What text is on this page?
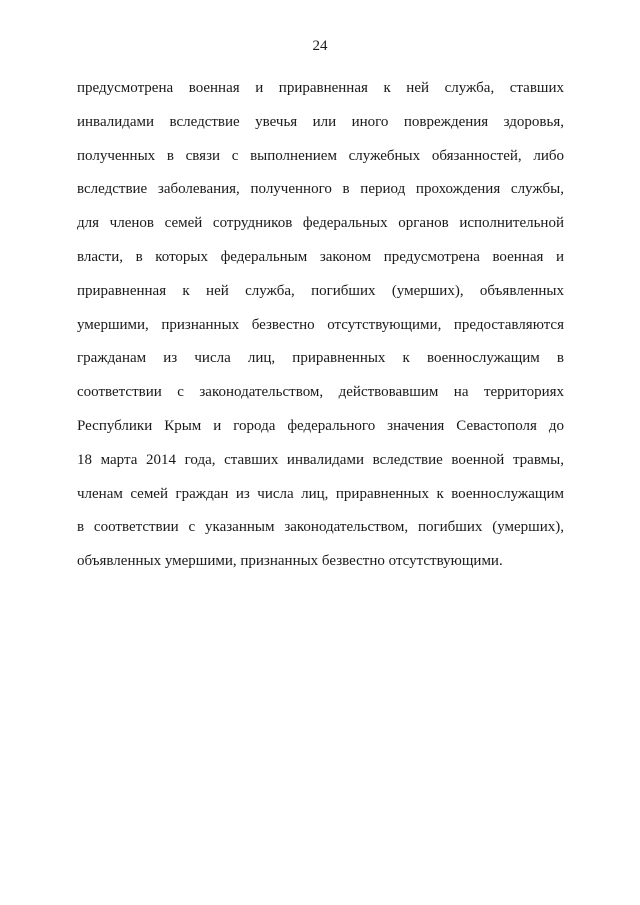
24
предусмотрена военная и приравненная к ней служба, ставших
инвалидами вследствие увечья или иного повреждения здоровья,
полученных в связи с выполнением служебных обязанностей, либо
вследствие заболевания, полученного в период прохождения службы,
для членов семей сотрудников федеральных органов исполнительной
власти, в которых федеральным законом предусмотрена военная и
приравненная к ней служба, погибших (умерших), объявленных
умершими, признанных безвестно отсутствующими, предоставляются
гражданам из числа лиц, приравненных к военнослужащим в
соответствии с законодательством, действовавшим на территориях
Республики Крым и города федерального значения Севастополя до
18 марта 2014 года, ставших инвалидами вследствие военной травмы,
членам семей граждан из числа лиц, приравненных к военнослужащим
в соответствии с указанным законодательством, погибших (умерших),
объявленных умершими, признанных безвестно отсутствующими.
